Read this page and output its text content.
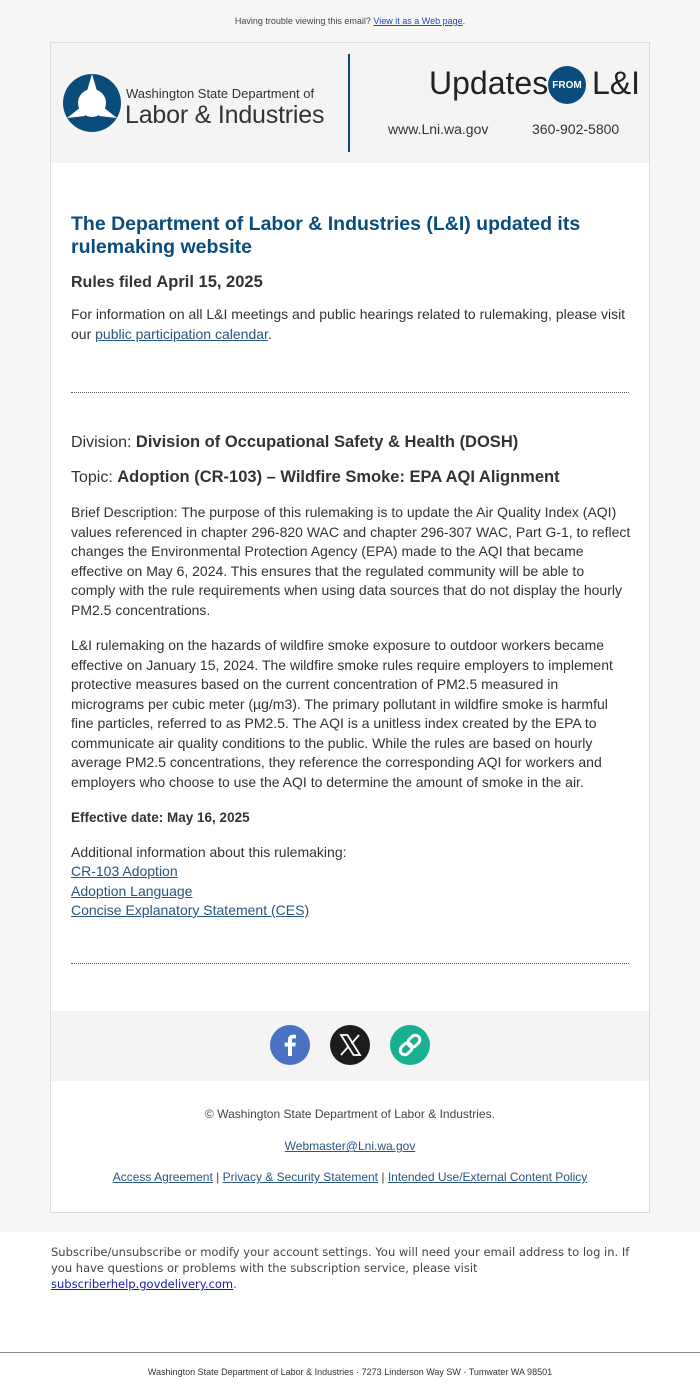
Having trouble viewing this email? View it as a Web page.
Washington State Department of
Labor & Industries
Updates FROM L&I
www.Lni.wa.gov	360-902-5800
The Department of Labor & Industries (L&I) updated its rulemaking website
Rules filed April 15, 2025

For information on all L&I meetings and public hearings related to rulemaking, please visit our public participation calendar.

Division: Division of Occupational Safety & Health (DOSH)
Topic: Adoption (CR-103) – Wildfire Smoke: EPA AQI Alignment

Brief Description: The purpose of this rulemaking is to update the Air Quality Index (AQI) values referenced in chapter 296-820 WAC and chapter 296-307 WAC, Part G-1, to reflect changes the Environmental Protection Agency (EPA) made to the AQI that became effective on May 6, 2024. This ensures that the regulated community will be able to comply with the rule requirements when using data sources that do not display the hourly PM2.5 concentrations.

L&I rulemaking on the hazards of wildfire smoke exposure to outdoor workers became effective on January 15, 2024. The wildfire smoke rules require employers to implement protective measures based on the current concentration of PM2.5 measured in micrograms per cubic meter (µg/m3). The primary pollutant in wildfire smoke is harmful fine particles, referred to as PM2.5. The AQI is a unitless index created by the EPA to communicate air quality conditions to the public. While the rules are based on hourly average PM2.5 concentrations, they reference the corresponding AQI for workers and employers who choose to use the AQI to determine the amount of smoke in the air.

Effective date: May 16, 2025

Additional information about this rulemaking:

CR-103 Adoption
Adoption Language
Concise Explanatory Statement (CES)

© Washington State Department of Labor & Industries.
Webmaster@Lni.wa.gov
Access Agreement | Privacy & Security Statement | Intended Use/External Content Policy
Subscribe/unsubscribe or modify your account settings. You will need your email address to log in. If you have questions or problems with the subscription service, please visit subscriberhelp.govdelivery.com.
Washington State Department of Labor & Industries · 7273 Linderson Way SW · Tumwater WA 98501
